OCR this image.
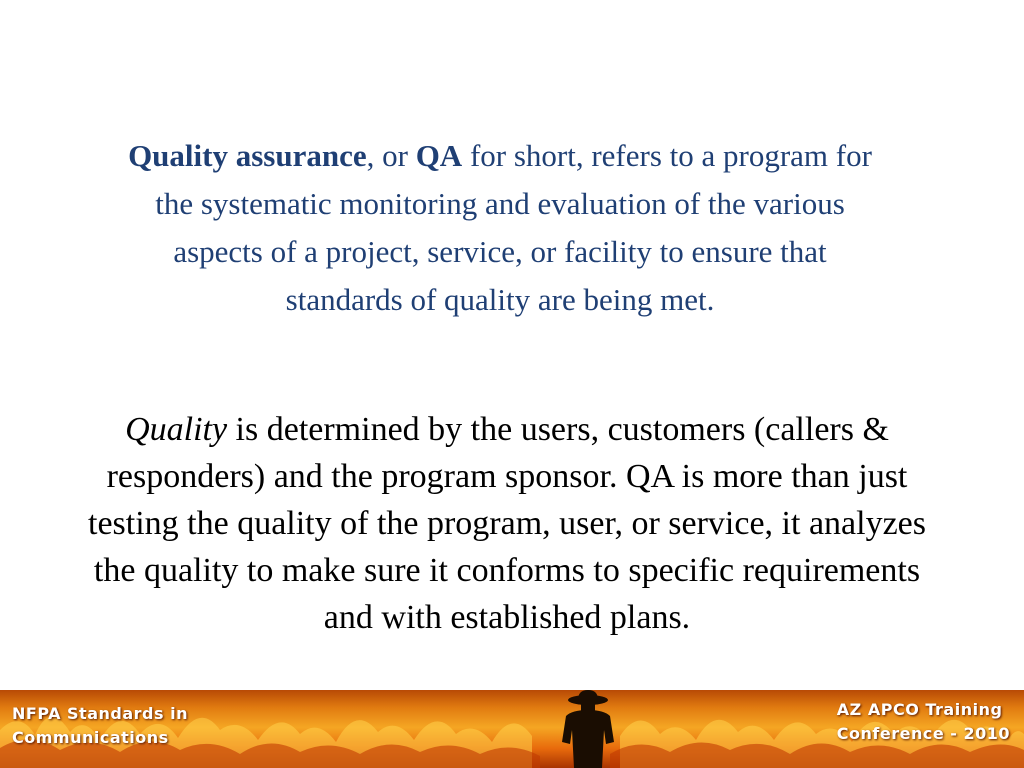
Quality assurance, or QA for short, refers to a program for the systematic monitoring and evaluation of the various aspects of a project, service, or facility to ensure that standards of quality are being met.
Quality is determined by the users, customers (callers & responders) and the program sponsor. QA is more than just testing the quality of the program, user, or service, it analyzes the quality to make sure it conforms to specific requirements and with established plans.
NFPA Standards in
Communications
AZ APCO Training
Conference - 2010
